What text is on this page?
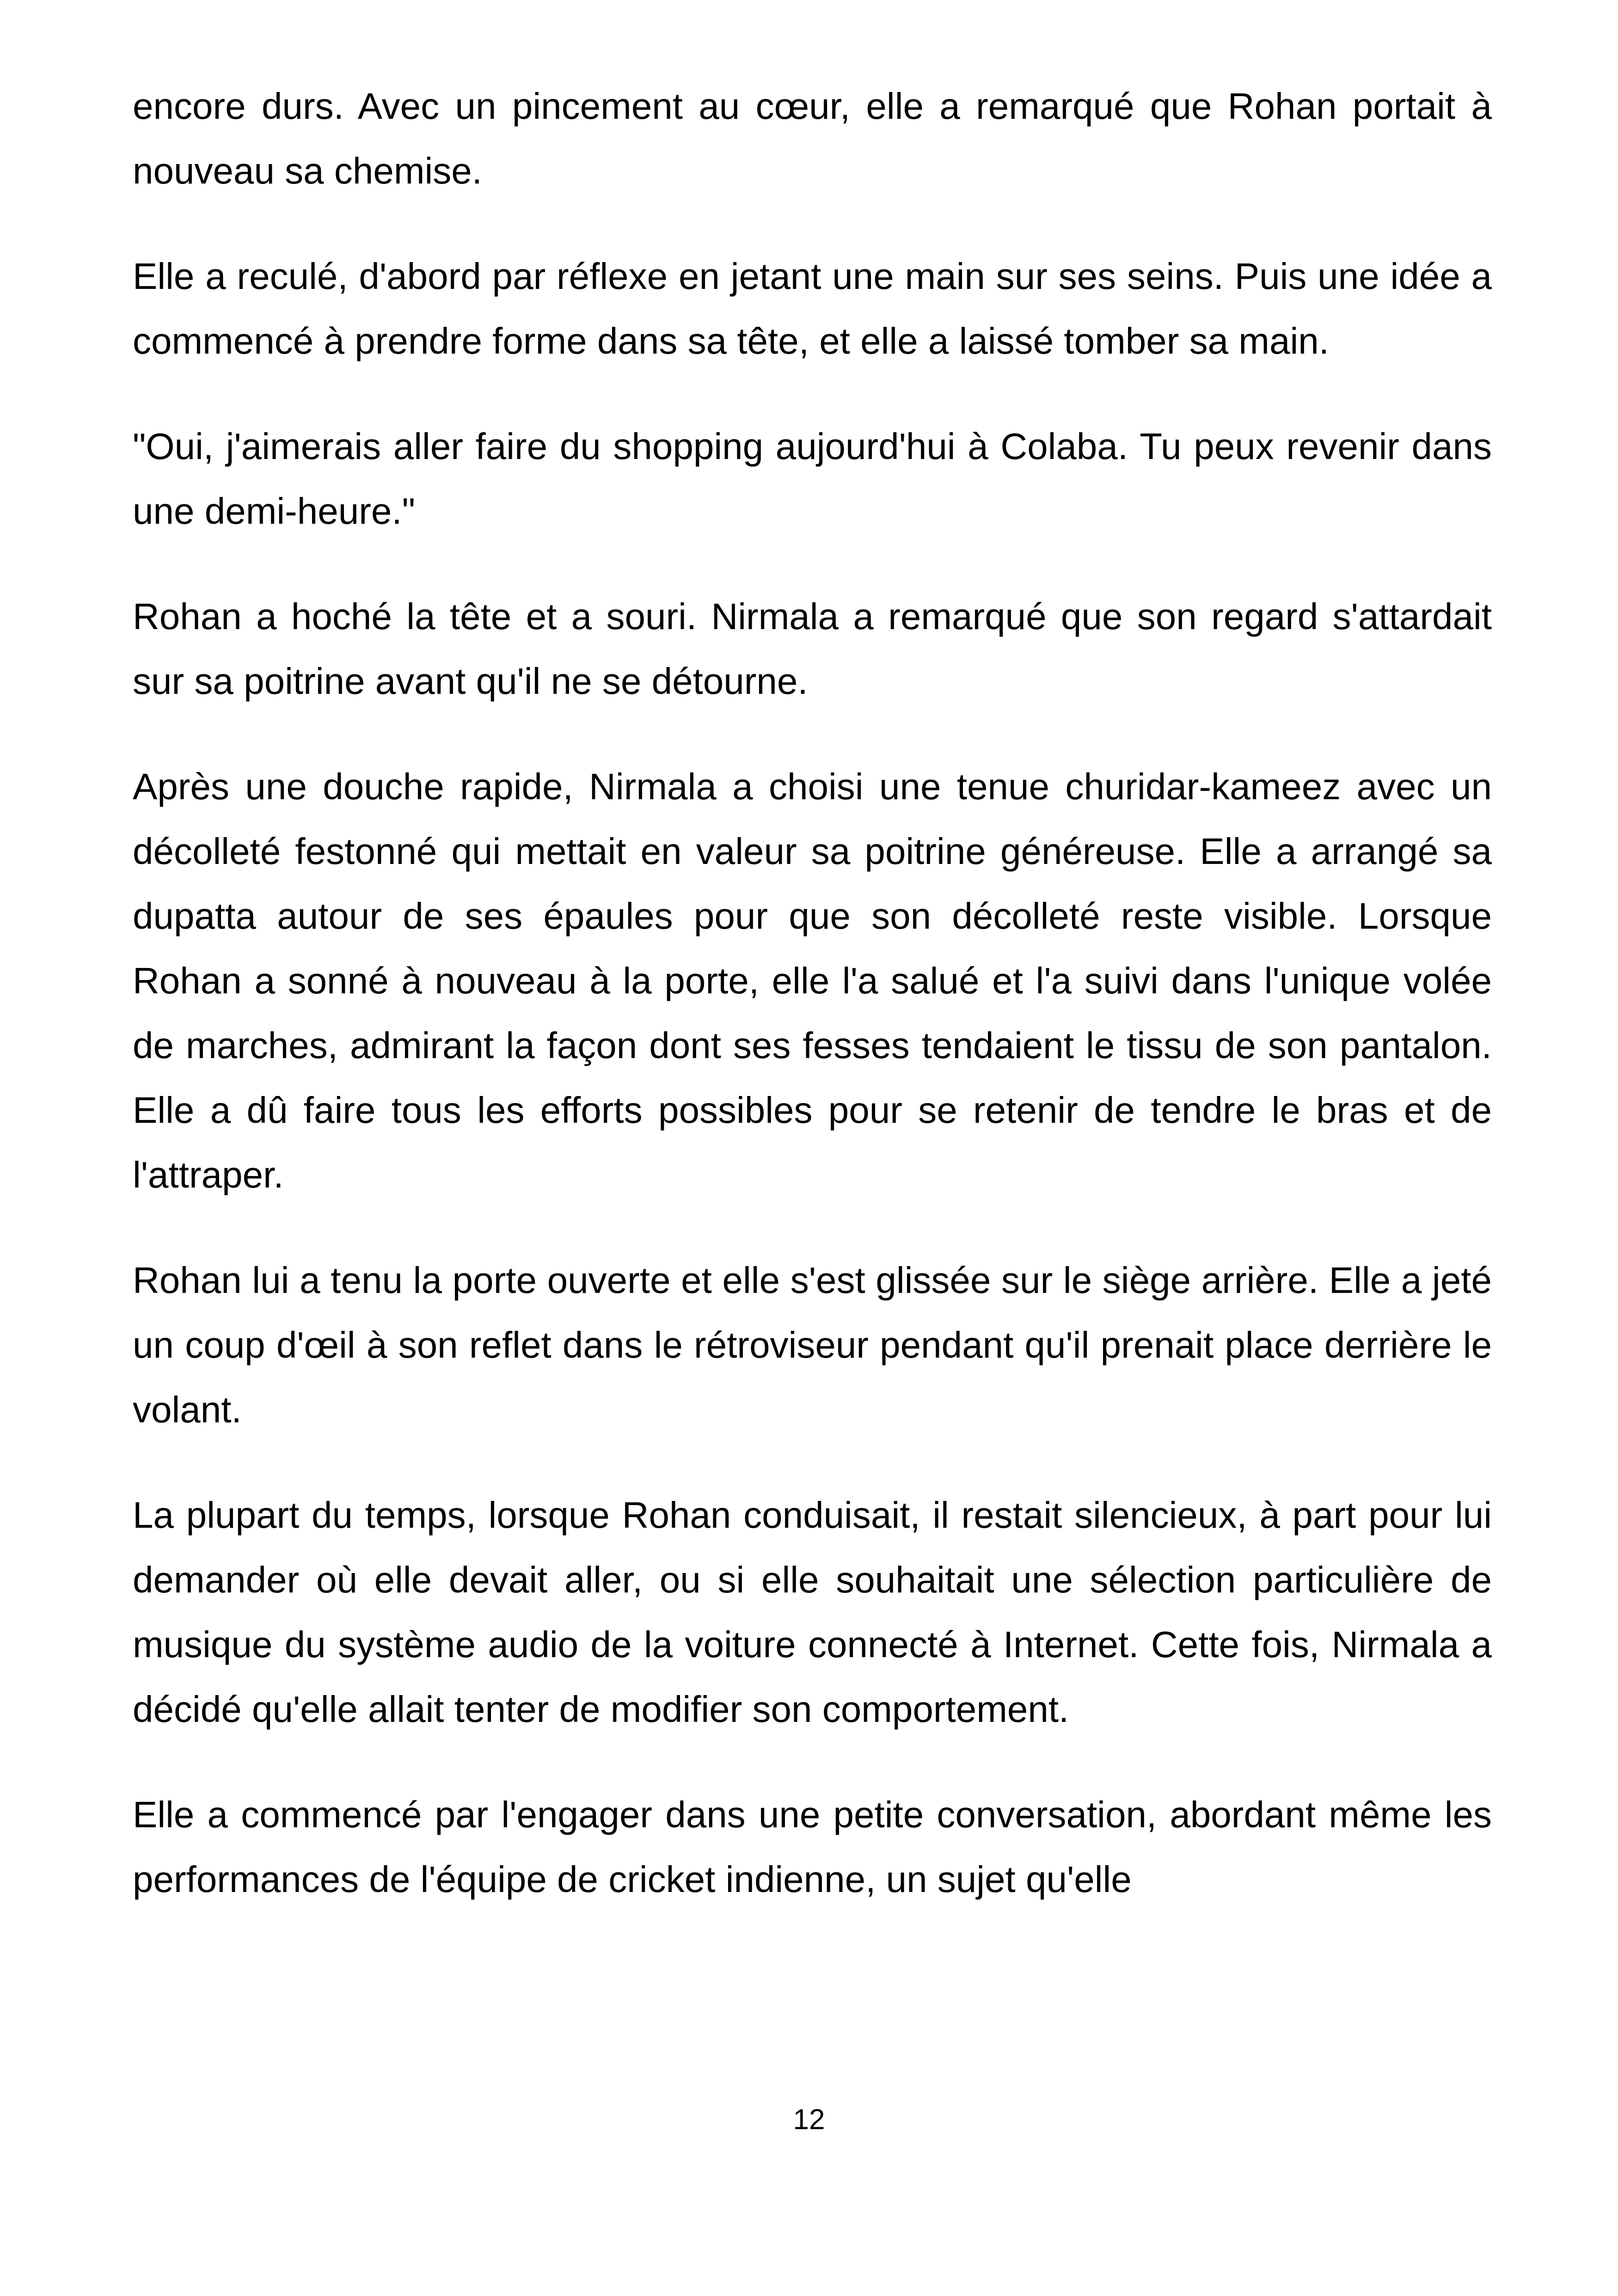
encore durs. Avec un pincement au cœur, elle a remarqué que Rohan portait à nouveau sa chemise.

Elle a reculé, d'abord par réflexe en jetant une main sur ses seins. Puis une idée a commencé à prendre forme dans sa tête, et elle a laissé tomber sa main.

"Oui, j'aimerais aller faire du shopping aujourd'hui à Colaba. Tu peux revenir dans une demi-heure."

Rohan a hoché la tête et a souri. Nirmala a remarqué que son regard s'attardait sur sa poitrine avant qu'il ne se détourne.

Après une douche rapide, Nirmala a choisi une tenue churidar-kameez avec un décolleté festonné qui mettait en valeur sa poitrine généreuse. Elle a arrangé sa dupatta autour de ses épaules pour que son décolleté reste visible. Lorsque Rohan a sonné à nouveau à la porte, elle l'a salué et l'a suivi dans l'unique volée de marches, admirant la façon dont ses fesses tendaient le tissu de son pantalon. Elle a dû faire tous les efforts possibles pour se retenir de tendre le bras et de l'attraper.

Rohan lui a tenu la porte ouverte et elle s'est glissée sur le siège arrière. Elle a jeté un coup d'œil à son reflet dans le rétroviseur pendant qu'il prenait place derrière le volant.

La plupart du temps, lorsque Rohan conduisait, il restait silencieux, à part pour lui demander où elle devait aller, ou si elle souhaitait une sélection particulière de musique du système audio de la voiture connecté à Internet. Cette fois, Nirmala a décidé qu'elle allait tenter de modifier son comportement.

Elle a commencé par l'engager dans une petite conversation, abordant même les performances de l'équipe de cricket indienne, un sujet qu'elle

12
